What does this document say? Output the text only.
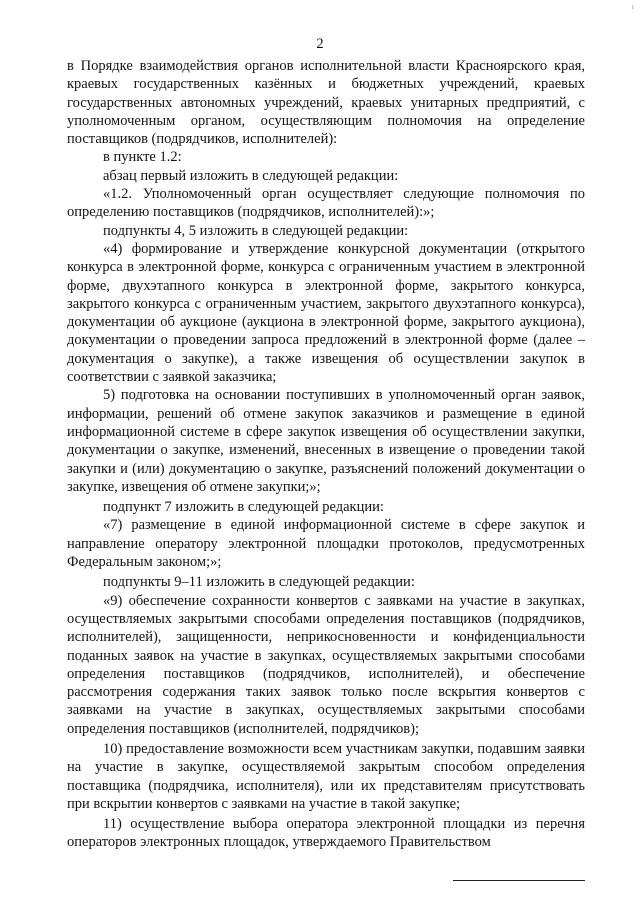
ı
2

в Порядке взаимодействия органов исполнительной власти Красноярского края, краевых государственных казённых и бюджетных учреждений, краевых государственных автономных учреждений, краевых унитарных предприятий, с уполномоченным органом, осуществляющим полномочия на определение поставщиков (подрядчиков, исполнителей):

в пункте 1.2:

абзац первый изложить в следующей редакции:

«1.2. Уполномоченный орган осуществляет следующие полномочия по определению поставщиков (подрядчиков, исполнителей):»;

подпункты 4, 5 изложить в следующей редакции:

«4) формирование и утверждение конкурсной документации (открытого конкурса в электронной форме, конкурса с ограниченным участием в электронной форме, двухэтапного конкурса в электронной форме, закрытого конкурса, закрытого конкурса с ограниченным участием, закрытого двухэтапного конкурса), документации об аукционе (аукциона в электронной форме, закрытого аукциона), документации о проведении запроса предложений в электронной форме (далее – документация о закупке), а также извещения об осуществлении закупок в соответствии с заявкой заказчика;

5) подготовка на основании поступивших в уполномоченный орган заявок, информации, решений об отмене закупок заказчиков и размещение в единой информационной системе в сфере закупок извещения об осуществлении закупки, документации о закупке, изменений, внесенных в извещение о проведении такой закупки и (или) документацию о закупке, разъяснений положений документации о закупке, извещения об отмене закупки;»;

подпункт 7 изложить в следующей редакции:

«7) размещение в единой информационной системе в сфере закупок и направление оператору электронной площадки протоколов, предусмотренных Федеральным законом;»;

подпункты 9–11 изложить в следующей редакции:

«9) обеспечение сохранности конвертов с заявками на участие в закупках, осуществляемых закрытыми способами определения поставщиков (подрядчиков, исполнителей), защищенности, неприкосновенности и конфиденциальности поданных заявок на участие в закупках, осуществляемых закрытыми способами определения поставщиков (подрядчиков, исполнителей), и обеспечение рассмотрения содержания таких заявок только после вскрытия конвертов с заявками на участие в закупках, осуществляемых закрытыми способами определения поставщиков (исполнителей, подрядчиков);

10) предоставление возможности всем участникам закупки, подавшим заявки на участие в закупке, осуществляемой закрытым способом определения поставщика (подрядчика, исполнителя), или их представителям присутствовать при вскрытии конвертов с заявками на участие в такой закупке;

11) осуществление выбора оператора электронной площадки из перечня операторов электронных площадок, утверждаемого Правительством
